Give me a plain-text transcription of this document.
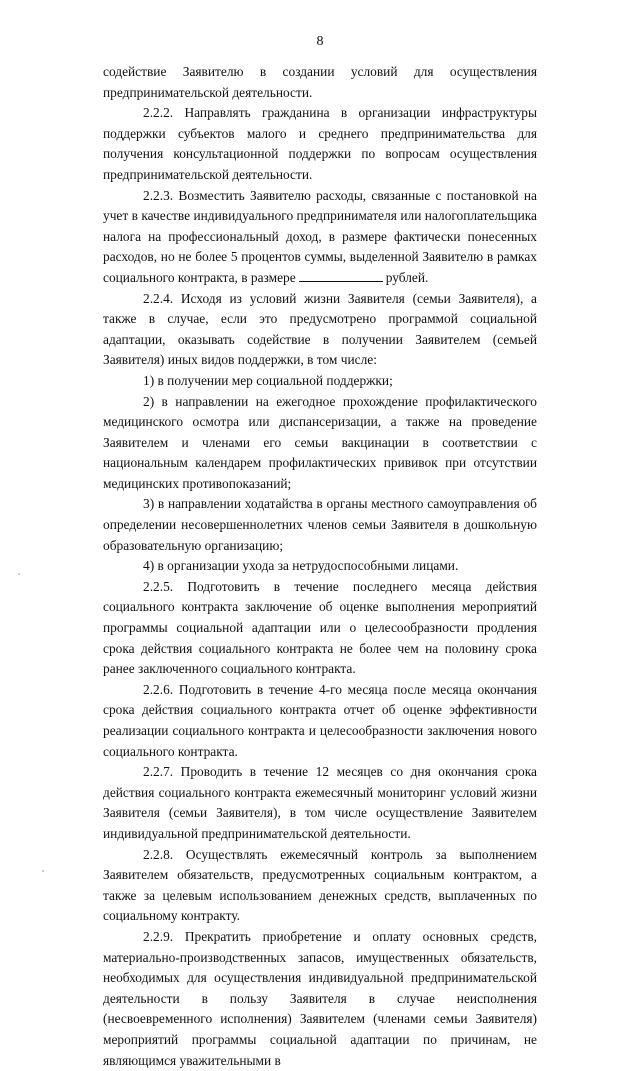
8

содействие Заявителю в создании условий для осуществления предпринимательской деятельности.

2.2.2. Направлять гражданина в организации инфраструктуры поддержки субъектов малого и среднего предпринимательства для получения консультационной поддержки по вопросам осуществления предпринимательской деятельности.

2.2.3. Возместить Заявителю расходы, связанные с постановкой на учет в качестве индивидуального предпринимателя или налогоплательщика налога на профессиональный доход, в размере фактически понесенных расходов, но не более 5 процентов суммы, выделенной Заявителю в рамках социального контракта, в размере	рублей.

2.2.4. Исходя из условий жизни Заявителя (семьи Заявителя), а также в случае, если это предусмотрено программой социальной адаптации, оказывать содействие в получении Заявителем (семьей Заявителя) иных видов поддержки, в том числе:

1) в получении мер социальной поддержки;

2) в направлении на ежегодное прохождение профилактического медицинского осмотра или диспансеризации, а также на проведение Заявителем и членами его семьи вакцинации в соответствии с национальным календарем профилактических прививок при отсутствии медицинских противопоказаний;

3) в направлении ходатайства в органы местного самоуправления об определении несовершеннолетних членов семьи Заявителя в дошкольную образовательную организацию;

4) в организации ухода за нетрудоспособными лицами.

2.2.5. Подготовить в течение последнего месяца действия социального контракта заключение об оценке выполнения мероприятий программы социальной адаптации или о целесообразности продления срока действия социального контракта не более чем на половину срока ранее заключенного социального контракта.

2.2.6. Подготовить в течение 4-го месяца после месяца окончания срока действия социального контракта отчет об оценке эффективности реализации социального контракта и целесообразности заключения нового социального контракта.

2.2.7. Проводить в течение 12 месяцев со дня окончания срока действия социального контракта ежемесячный мониторинг условий жизни Заявителя (семьи Заявителя), в том числе осуществление Заявителем индивидуальной предпринимательской деятельности.

2.2.8. Осуществлять ежемесячный контроль за выполнением Заявителем обязательств, предусмотренных социальным контрактом, а также за целевым использованием денежных средств, выплаченных по социальному контракту.

2.2.9. Прекратить приобретение и оплату основных средств, материально-производственных запасов, имущественных обязательств, необходимых для осуществления индивидуальной предпринимательской деятельности в пользу Заявителя в случае неисполнения (несвоевременного исполнения) Заявителем (членами семьи Заявителя) мероприятий программы социальной адаптации по причинам, не являющимся уважительными в
